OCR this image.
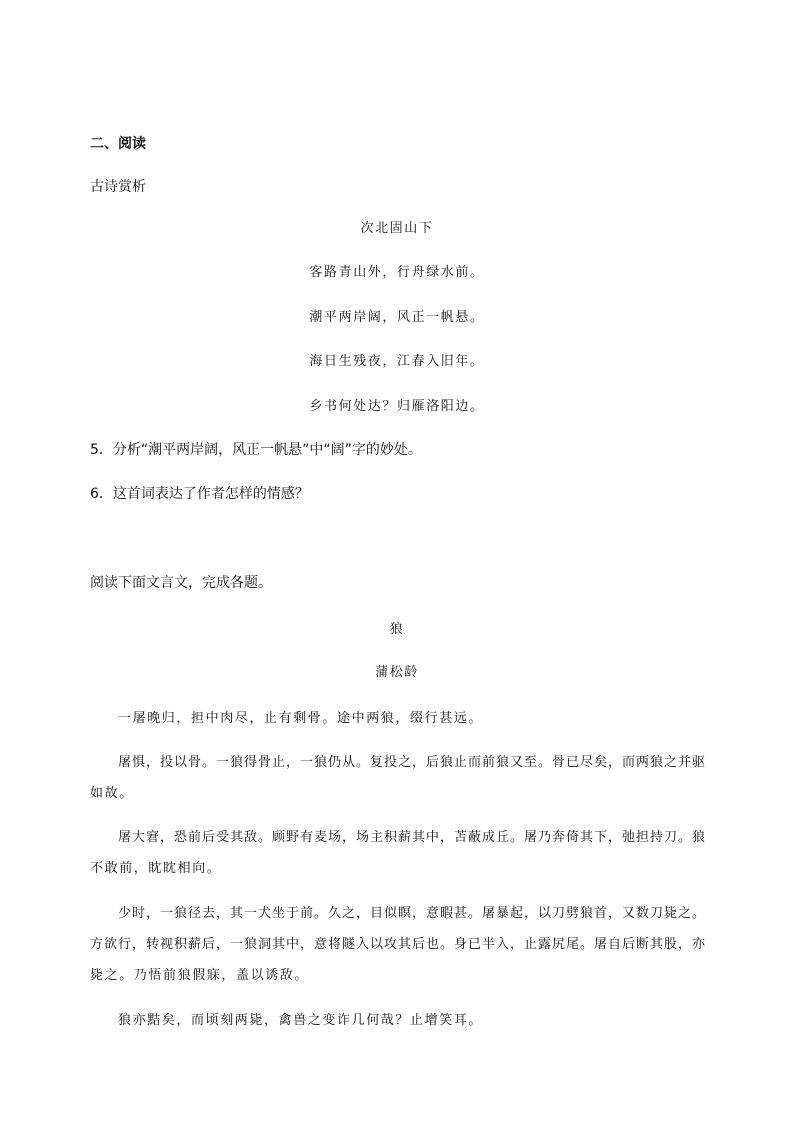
二、阅读
古诗赏析
次北固山下
客路青山外，行舟绿水前。
潮平两岸阔，风正一帆悬。
海日生残夜，江春入旧年。
乡书何处达？归雁洛阳边。
5．分析“潮平两岸阔，风正一帆悬”中“阔”字的妙处。
6．这首词表达了作者怎样的情感？
阅读下面文言文，完成各题。
狼
蒲松龄
一屠晚归，担中肉尽，止有剩骨。途中两狼，缀行甚远。
屠惧，投以骨。一狼得骨止，一狼仍从。复投之，后狼止而前狼又至。骨已尽矣，而两狼之并驱
如故。
屠大窘，恐前后受其敌。顾野有麦场，场主积薪其中，苫蔽成丘。屠乃奔倚其下，弛担持刀。狼
不敢前，眈眈相向。
少时，一狼径去，其一犬坐于前。久之，目似瞑，意暇甚。屠暴起，以刀劈狼首，又数刀毙之。
方欲行，转视积薪后，一狼洞其中，意将隧入以攻其后也。身已半入，止露尻尾。屠自后断其股，亦
毙之。乃悟前狼假寐，盖以诱敌。
狼亦黠矣，而顷刻两毙，禽兽之变诈几何哉？止增笑耳。
